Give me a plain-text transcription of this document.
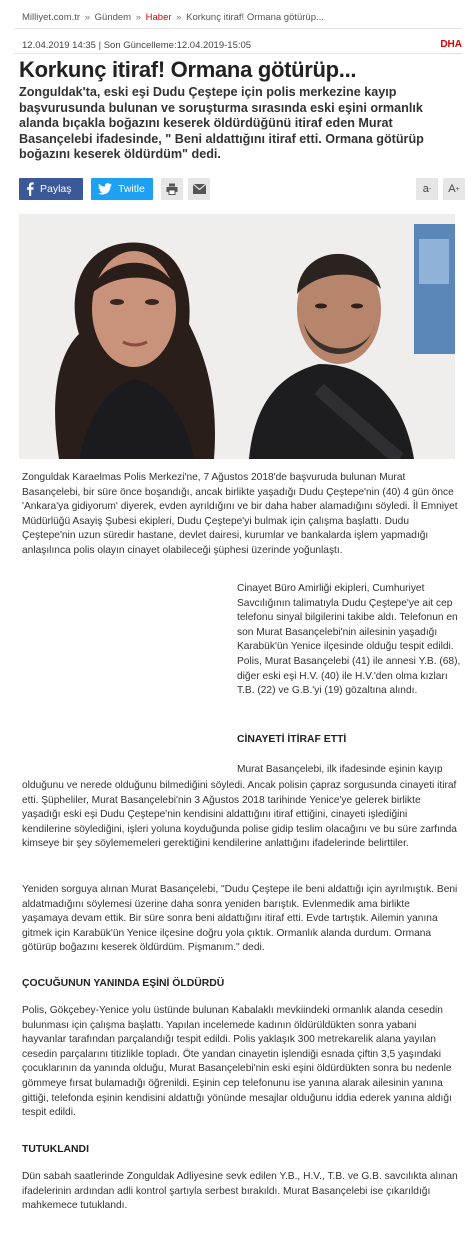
Milliyet.com.tr » Gündem » Haber » Korkunç itiraf! Ormana götürüp...
12.04.2019 14:35 | Son Güncelleme:12.04.2019-15:05	DHA
Korkunç itiraf! Ormana götürüp...
Zonguldak'ta, eski eşi Dudu Çeştepe için polis merkezine kayıp başvurusunda bulunan ve soruşturma sırasında eski eşini ormanlık alanda bıçakla boğazını keserek öldürdüğünü itiraf eden Murat Basançelebi ifadesinde, " Beni aldattığını itiraf etti. Ormana götürüp boğazını keserek öldürdüm" dedi.
Paylaş	Twitle	a - A +
Zonguldak Karaelmas Polis Merkezi'ne, 7 Ağustos 2018'de başvuruda bulunan Murat Basançelebi, bir süre önce boşandığı, ancak birlikte yaşadığı Dudu Çeştepe'nin (40) 4 gün önce 'Ankara'ya gidiyorum' diyerek, evden ayrıldığını ve bir daha haber alamadığını söyledi. İl Emniyet Müdürlüğü Asayiş Şubesi ekipleri, Dudu Çeştepe'yi bulmak için çalışma başlattı. Dudu Çeştepe'nin uzun süredir hastane, devlet dairesi, kurumlar ve bankalarda işlem yapmadığı anlaşılınca polis olayın cinayet olabileceği şüphesi üzerinde yoğunlaştı.

Cinayet Büro Amirliği ekipleri, Cumhuriyet Savcılığının talimatıyla Dudu Çeştepe'ye ait cep telefonu sinyal bilgilerini takibe aldı. Telefonun en son Murat Basançelebi'nin ailesinin yaşadığı Karabük'ün Yenice ilçesinde olduğu tespit edildi. Polis, Murat Basançelebi (41) ile annesi Y.B. (68), diğer eski eşi H.V. (40) ile H.V.'den olma kızları T.B. (22) ve G.B.'yi (19) gözaltına alındı.

CİNAYETİ İTİRAF ETTİ
Murat Basançelebi, ilk ifadesinde eşinin kayıp

olduğunu ve nerede olduğunu bilmediğini söyledi. Ancak polisin çapraz sorgusunda cinayeti itiraf etti. Şüpheliler, Murat Basançelebi'nin 3 Ağustos 2018 tarihinde Yenice'ye gelerek birlikte yaşadığı eski eşi Dudu Çeştepe'nin kendisini aldattığını itiraf ettiğini, cinayeti işlediğini kendilerine söylediğini, işleri yoluna koyduğunda polise gidip teslim olacağını ve bu süre zarfında kimseye bir şey söylememeleri gerektiğini kendilerine anlattığını ifadelerinde belirttiler.

Yeniden sorguya alınan Murat Basançelebi, "Dudu Çeştepe ile beni aldattığı için ayrılmıştık. Beni aldatmadığını söylemesi üzerine daha sonra yeniden barıştık. Evlenmedik ama birlikte yaşamaya devam ettik. Bir süre sonra beni aldattığını itiraf etti. Evde tartıştık. Ailemin yanına gitmek için Karabük'ün Yenice ilçesine doğru yola çıktık. Ormanlık alanda durdum. Ormana götürüp boğazını keserek öldürdüm. Pişmanım." dedi.

ÇOCUĞUNUN YANINDA EŞİNİ ÖLDÜRDÜ

Polis, Gökçebey-Yenice yolu üstünde bulunan Kabalaklı mevkiindeki ormanlık alanda cesedin bulunması için çalışma başlattı. Yapılan incelemede kadının öldürüldükten sonra yabani hayvanlar tarafından parçalandığı tespit edildi. Polis yaklaşık 300 metrekarelik alana yayılan cesedin parçalarını titizlikle topladı. Öte yandan cinayetin işlendiği esnada çiftin 3,5 yaşındaki çocuklarının da yanında olduğu, Murat Basançelebi'nin eski eşini öldürdükten sonra bu nedenle gömmeye fırsat bulamadığı öğrenildi. Eşinin cep telefonunu ise yanına alarak ailesinin yanına gittiği, telefonda eşinin kendisini aldattığı yönünde mesajlar olduğunu iddia ederek yanına aldığı tespit edildi.

TUTUKLANDI

Dün sabah saatlerinde Zonguldak Adliyesine sevk edilen Y.B., H.V., T.B. ve G.B. savcılıkta alınan ifadelerinin ardından adli kontrol şartıyla serbest bırakıldı. Murat Basançelebi ise çıkarıldığı mahkemece tutuklandı.
